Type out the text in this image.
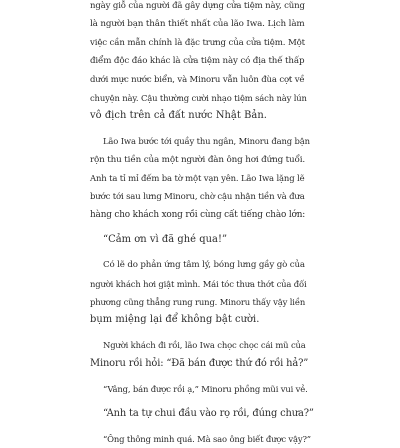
ngày giỗ của người đã gây dựng cửa tiệm này, cũng
là người bạn thân thiết nhất của lão Iwa. Lịch làm
việc cần mẫn chính là đặc trưng của cửa tiệm. Một
điểm độc đáo khác là cửa tiệm này có địa thế thấp
dưới mực nước biển, và Minoru vẫn luôn đùa cợt về
chuyện này. Cậu thường cười nhạo tiệm sách này lún
vô địch trên cả đất nước Nhật Bản.
Lão Iwa bước tới quầy thu ngân, Minoru đang bận
rộn thu tiền của một người đàn ông hơi đứng tuổi.
Anh ta tỉ mỉ đếm ba tờ một vạn yên. Lão Iwa lặng lẽ
bước tới sau lưng Minoru, chờ cậu nhận tiền và đưa
hàng cho khách xong rồi cùng cất tiếng chào lớn:
“Cảm ơn vì đã ghé qua!”
Có lẽ do phản ứng tâm lý, bóng lưng gầy gò của
người khách hơi giật mình. Mái tóc thưa thớt của đối
phương cũng thẳng rung rung. Minoru thấy vậy liền
bụm miệng lại để không bật cười.
Người khách đi rồi, lão Iwa chọc chọc cái mũ của
Minoru rồi hỏi: “Đã bán được thứ đó rồi hả?”
“Vâng, bán được rồi ạ,” Minoru phồng mũi vui vẻ.
“Anh ta tự chui đầu vào rọ rồi, đúng chưa?”
“Ông thông minh quá. Mà sao ông biết được vậy?”
